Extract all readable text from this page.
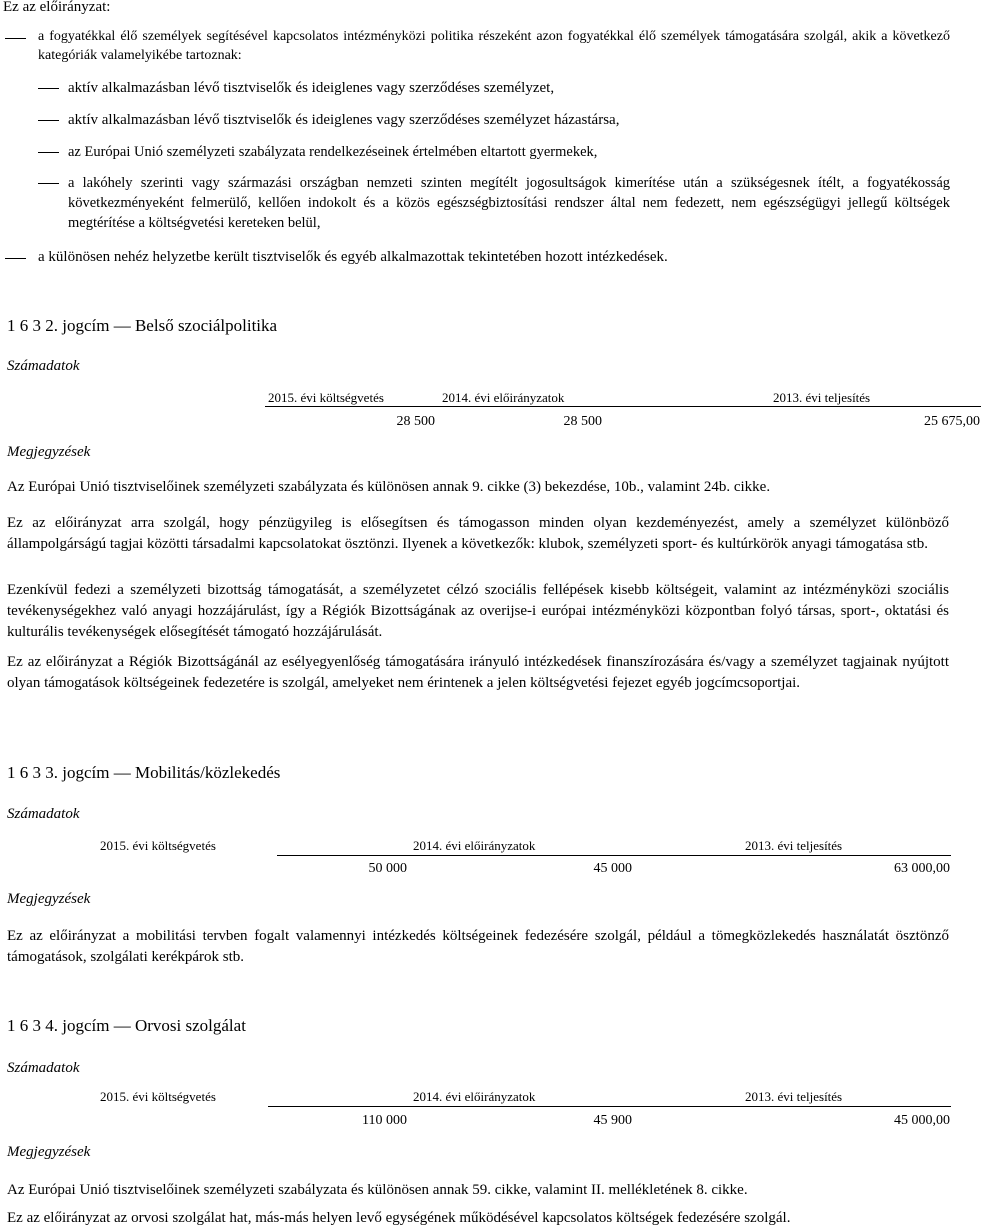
Ez az előirányzat:
a fogyatékkal élő személyek segítésével kapcsolatos intézményközi politika részeként azon fogyatékkal élő személyek támogatására szolgál, akik a következő kategóriák valamelyikébe tartoznak:
aktív alkalmazásban lévő tisztviselők és ideiglenes vagy szerződéses személyzet,
aktív alkalmazásban lévő tisztviselők és ideiglenes vagy szerződéses személyzet házastársa,
az Európai Unió személyzeti szabályzata rendelkezéseinek értelmében eltartott gyermekek,
a lakóhely szerinti vagy származási országban nemzeti szinten megítélt jogosultságok kimerítése után a szükségesnek ítélt, a fogyatékosság következményeként felmerülő, kellően indokolt és a közös egészségbiztosítási rendszer által nem fedezett, nem egészségügyi jellegű költségek megtérítése a költségvetési kereteken belül,
a különösen nehéz helyzetbe került tisztviselők és egyéb alkalmazottak tekintetében hozott intézkedések.
1 6 3 2. jogcím — Belső szociálpolitika
Számadatok
2015. évi költségvetés	2014. évi előirányzatok	2013. évi teljesítés
28 500	28 500	25 675,00
Megjegyzések
Az Európai Unió tisztviselőinek személyzeti szabályzata és különösen annak 9. cikke (3) bekezdése, 10b., valamint 24b. cikke.
Ez az előirányzat arra szolgál, hogy pénzügyileg is elősegítsen és támogasson minden olyan kezdeményezést, amely a személyzet különböző állampolgárságú tagjai közötti társadalmi kapcsolatokat ösztönzi. Ilyenek a következők: klubok, személyzeti sport- és kultúrkörök anyagi támogatása stb.
Ezenkívül fedezi a személyzeti bizottság támogatását, a személyzetet célzó szociális fellépések kisebb költségeit, valamint az intézményközi szociális tevékenységekhez való anyagi hozzájárulást, így a Régiók Bizottságának az overijse-i európai intézményközi központban folyó társas, sport-, oktatási és kulturális tevékenységek elősegítését támogató hozzájárulását.
Ez az előirányzat a Régiók Bizottságánál az esélyegyenlőség támogatására irányuló intézkedések finanszírozására és/vagy a személyzet tagjainak nyújtott olyan támogatások költségeinek fedezetére is szolgál, amelyeket nem érintenek a jelen költségvetési fejezet egyéb jogcímcsoportjai.
1 6 3 3. jogcím — Mobilitás/közlekedés
Számadatok
2015. évi költségvetés	2014. évi előirányzatok	2013. évi teljesítés
50 000	45 000	63 000,00
Megjegyzések
Ez az előirányzat a mobilitási tervben fogalt valamennyi intézkedés költségeinek fedezésére szolgál, például a tömegközlekedés használatát ösztönző támogatások, szolgálati kerékpárok stb.
1 6 3 4. jogcím — Orvosi szolgálat
Számadatok
2015. évi költségvetés	2014. évi előirányzatok	2013. évi teljesítés
110 000	45 900	45 000,00
Megjegyzések
Az Európai Unió tisztviselőinek személyzeti szabályzata és különösen annak 59. cikke, valamint II. mellékletének 8. cikke.
Ez az előirányzat az orvosi szolgálat hat, más-más helyen levő egységének működésével kapcsolatos költségek fedezésére szolgál.
